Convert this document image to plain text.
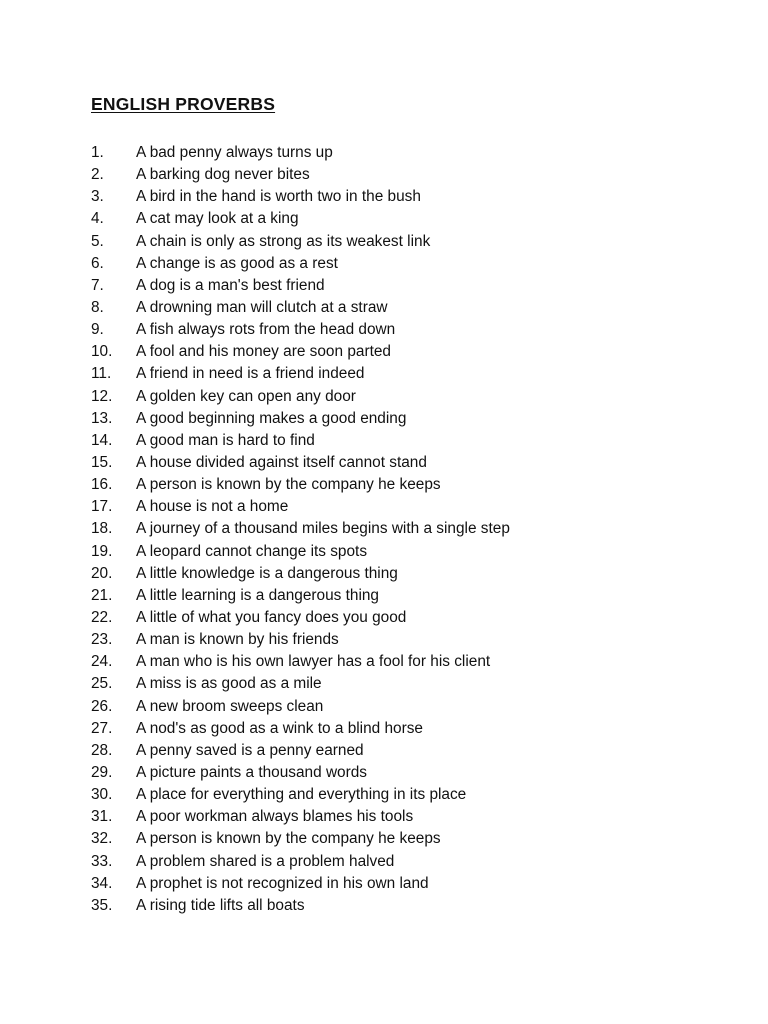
ENGLISH PROVERBS
1. A bad penny always turns up
2. A barking dog never bites
3. A bird in the hand is worth two in the bush
4. A cat may look at a king
5. A chain is only as strong as its weakest link
6. A change is as good as a rest
7. A dog is a man's best friend
8. A drowning man will clutch at a straw
9. A fish always rots from the head down
10. A fool and his money are soon parted
11. A friend in need is a friend indeed
12. A golden key can open any door
13. A good beginning makes a good ending
14. A good man is hard to find
15. A house divided against itself cannot stand
16. A person is known by the company he keeps
17. A house is not a home
18. A journey of a thousand miles begins with a single step
19. A leopard cannot change its spots
20. A little knowledge is a dangerous thing
21. A little learning is a dangerous thing
22. A little of what you fancy does you good
23. A man is known by his friends
24. A man who is his own lawyer has a fool for his client
25. A miss is as good as a mile
26. A new broom sweeps clean
27. A nod's as good as a wink to a blind horse
28. A penny saved is a penny earned
29. A picture paints a thousand words
30. A place for everything and everything in its place
31. A poor workman always blames his tools
32. A person is known by the company he keeps
33. A problem shared is a problem halved
34. A prophet is not recognized in his own land
35. A rising tide lifts all boats
